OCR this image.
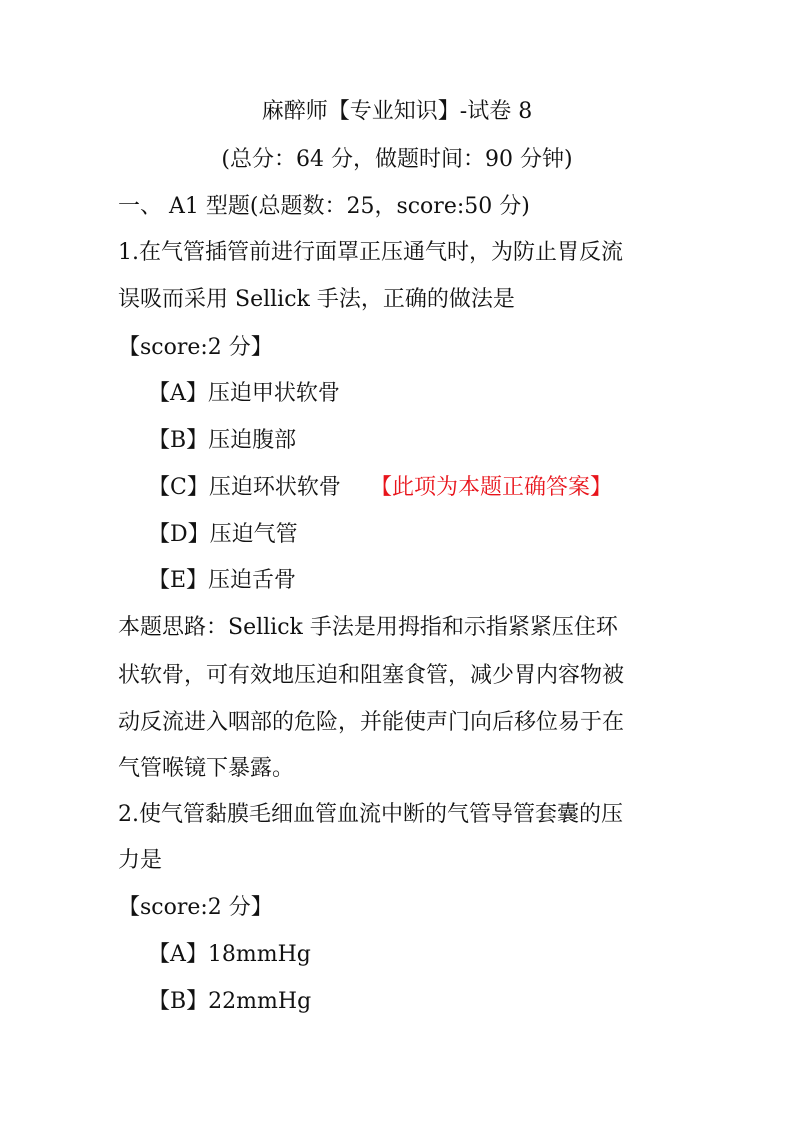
麻醉师【专业知识】-试卷 8
(总分：64 分，做题时间：90 分钟)
一、 A1 型题(总题数：25，score:50 分)
1.在气管插管前进行面罩正压通气时，为防止胃反流
误吸而采用 Sellick 手法，正确的做法是
【score:2 分】
【A】压迫甲状软骨
【B】压迫腹部
【C】压迫环状软骨 【此项为本题正确答案】
【D】压迫气管
【E】压迫舌骨
本题思路：Sellick 手法是用拇指和示指紧紧压住环
状软骨，可有效地压迫和阻塞食管，减少胃内容物被
动反流进入咽部的危险，并能使声门向后移位易于在
气管喉镜下暴露。
2.使气管黏膜毛细血管血流中断的气管导管套囊的压
力是
【score:2 分】
【A】18mmHg
【B】22mmHg
